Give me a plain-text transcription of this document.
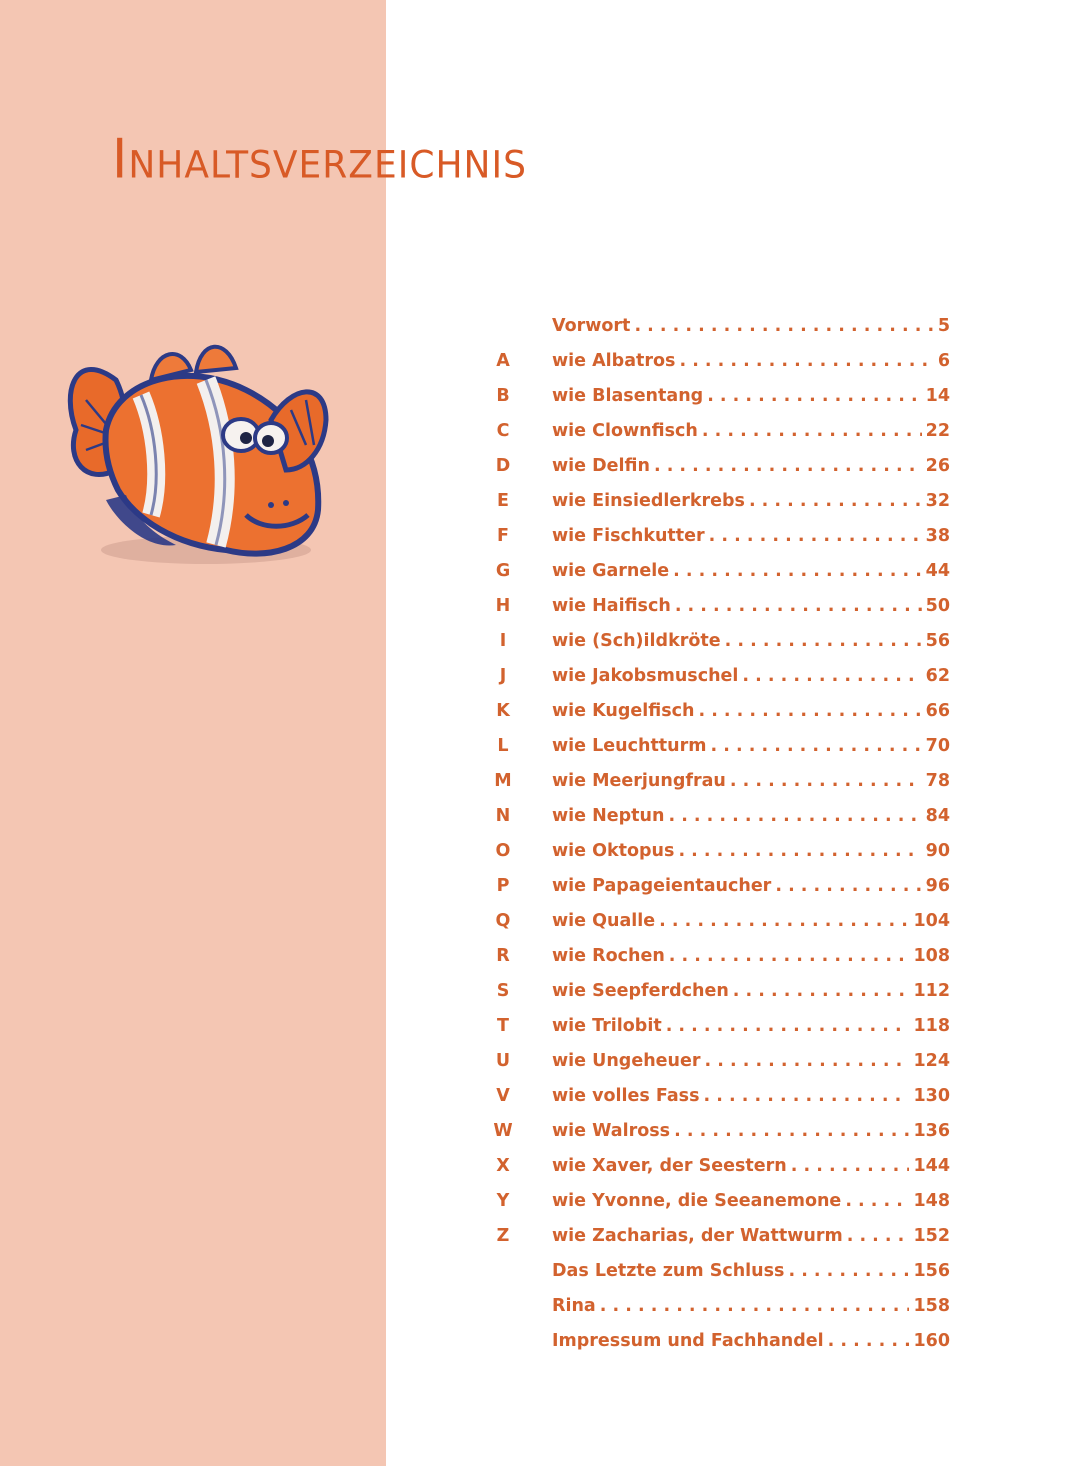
Inhaltsverzeichnis
Vorwort . . .	5
A	wie Albatros . . .	6
B	wie Blasentang . . .	14
C	wie Clownfisch . . .	22
D	wie Delfin . . .	26
E	wie Einsiedlerkrebs . . .	32
F	wie Fischkutter . . .	38
G	wie Garnele . . .	44
H	wie Haifisch . . .	50
I	wie (Sch)ildkröte . . .	56
J	wie Jakobsmuschel . . .	62
K	wie Kugelfisch . . .	66
L	wie Leuchtturm . . .	70
M wie Meerjungfrau . . .	78
N	wie Neptun . . .	84
O	wie Oktopus . . .	90
P	wie Papageientaucher . . .	96
Q	wie Qualle . . .	104
R	wie Rochen . . .	108
S	wie Seepferdchen . . .	112
T	wie Trilobit . . .	118
U	wie Ungeheuer . . .	124
V	wie volles Fass . . .	130
W wie Walross . . .	136
X	wie Xaver, der Seestern . . .	144
Y	wie Yvonne, die Seeanemone . . .	148
Z	wie Zacharias, der Wattwurm . . .	152
Das Letzte zum Schluss . . .	156
Rina . . .	158
Impressum und Fachhandel . . .	160
